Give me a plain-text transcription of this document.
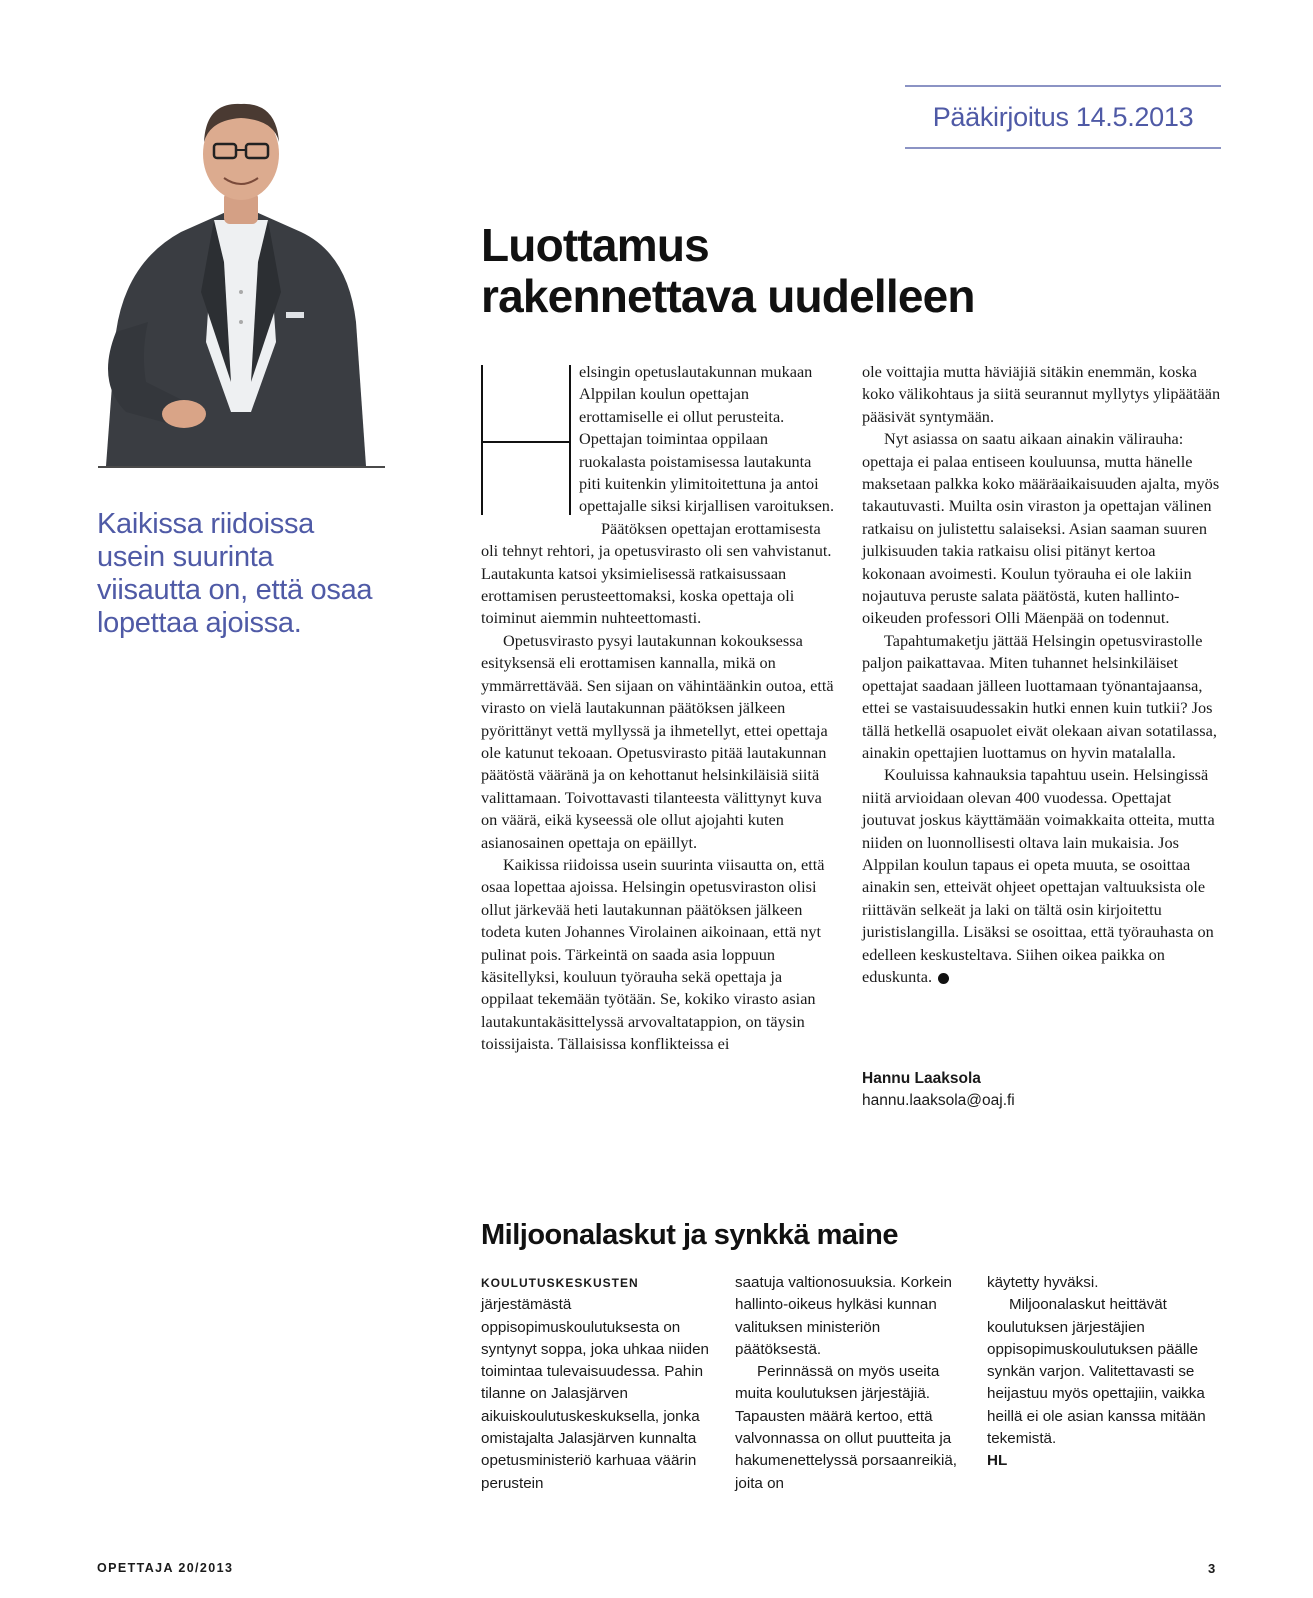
Pääkirjoitus 14.5.2013
Kaikissa riidoissa usein suurinta viisautta on, että osaa lopettaa ajoissa.
Luottamus
rakennettava uudelleen

elsingin opetuslautakunnan mukaan Alppilan koulun opettajan erottamiselle ei ollut perusteita. Opettajan toimintaa oppilaan ruokalasta poistamisessa lautakunta piti kuitenkin ylimitoitettuna ja antoi opettajalle siksi kirjallisen varoituksen.

Päätöksen opettajan erottamisesta oli tehnyt rehtori, ja opetusvirasto oli sen vahvistanut. Lautakunta katsoi yksimielisessä ratkaisussaan erottamisen perusteettomaksi, koska opettaja oli toiminut aiemmin nuhteettomasti.

Opetusvirasto pysyi lautakunnan kokouksessa esityksensä eli erottamisen kannalla, mikä on ymmärrettävää. Sen sijaan on vähintäänkin outoa, että virasto on vielä lautakunnan päätöksen jälkeen pyörittänyt vettä myllyssä ja ihmetellyt, ettei opettaja ole katunut tekoaan. Opetusvirasto pitää lautakunnan päätöstä vääränä ja on kehottanut helsinkiläisiä siitä valittamaan. Toivottavasti tilanteesta välittynyt kuva on väärä, eikä kyseessä ole ollut ajojahti kuten asianosainen opettaja on epäillyt.

Kaikissa riidoissa usein suurinta viisautta on, että osaa lopettaa ajoissa. Helsingin opetusviraston olisi ollut järkevää heti lautakunnan päätöksen jälkeen todeta kuten Johannes Virolainen aikoinaan, että nyt pulinat pois. Tärkeintä on saada asia loppuun käsitellyksi, kouluun työrauha sekä opettaja ja oppilaat tekemään työtään. Se, kokiko virasto asian lautakuntakäsittelyssä arvovaltatappion, on täysin toissijaista. Tällaisissa konflikteissa ei

ole voittajia mutta häviäjiä sitäkin enemmän, koska koko välikohtaus ja siitä seurannut myllytys ylipäätään pääsivät syntymään.

Nyt asiassa on saatu aikaan ainakin välirauha: opettaja ei palaa entiseen kouluunsa, mutta hänelle maksetaan palkka koko määräaikaisuuden ajalta, myös takautuvasti. Muilta osin viraston ja opettajan välinen ratkaisu on julistettu salaiseksi. Asian saaman suuren julkisuuden takia ratkaisu olisi pitänyt kertoa kokonaan avoimesti. Koulun työrauha ei ole lakiin nojautuva peruste salata päätöstä, kuten hallinto-oikeuden professori Olli Mäenpää on todennut.

Tapahtumaketju jättää Helsingin opetusvirastolle paljon paikattavaa. Miten tuhannet helsinkiläiset opettajat saadaan jälleen luottamaan työnantajaansa, ettei se vastaisuudessakin hutki ennen kuin tutkii? Jos tällä hetkellä osapuolet eivät olekaan aivan sotatilassa, ainakin opettajien luottamus on hyvin matalalla.

Kouluissa kahnauksia tapahtuu usein. Helsingissä niitä arvioidaan olevan 400 vuodessa. Opettajat joutuvat joskus käyttämään voimakkaita otteita, mutta niiden on luonnollisesti oltava lain mukaisia. Jos Alppilan koulun tapaus ei opeta muuta, se osoittaa ainakin sen, etteivät ohjeet opettajan valtuuksista ole riittävän selkeät ja laki on tältä osin kirjoitettu juristislangilla. Lisäksi se osoittaa, että työrauhasta on edelleen keskusteltava. Siihen oikea paikka on eduskunta.

Hannu Laaksola
hannu.laaksola@oaj.fi
Miljoonalaskut ja synkkä maine

KOULUTUSKESKUSTEN
järjestämästä oppisopimuskoulutuksesta on syntynyt soppa, joka uhkaa niiden toimintaa tulevaisuudessa. Pahin tilanne on Jalasjärven aikuiskoulutuskeskuksella, jonka omistajalta Jalasjärven kunnalta opetusministeriö karhuaa väärin perustein

saatuja valtionosuuksia. Korkein hallinto-oikeus hylkäsi kunnan valituksen ministeriön päätöksestä.

Perinnässä on myös useita muita koulutuksen järjestäjiä. Tapausten määrä kertoo, että valvonnassa on ollut puutteita ja hakumenettelyssä porsaanreikiä, joita on

käytetty hyväksi.

Miljoonalaskut heittävät koulutuksen järjestäjien oppisopimuskoulutuksen päälle synkän varjon. Valitettavasti se heijastuu myös opettajiin, vaikka heillä ei ole asian kanssa mitään tekemistä.

HL

OPETTAJA 20/2013	3
